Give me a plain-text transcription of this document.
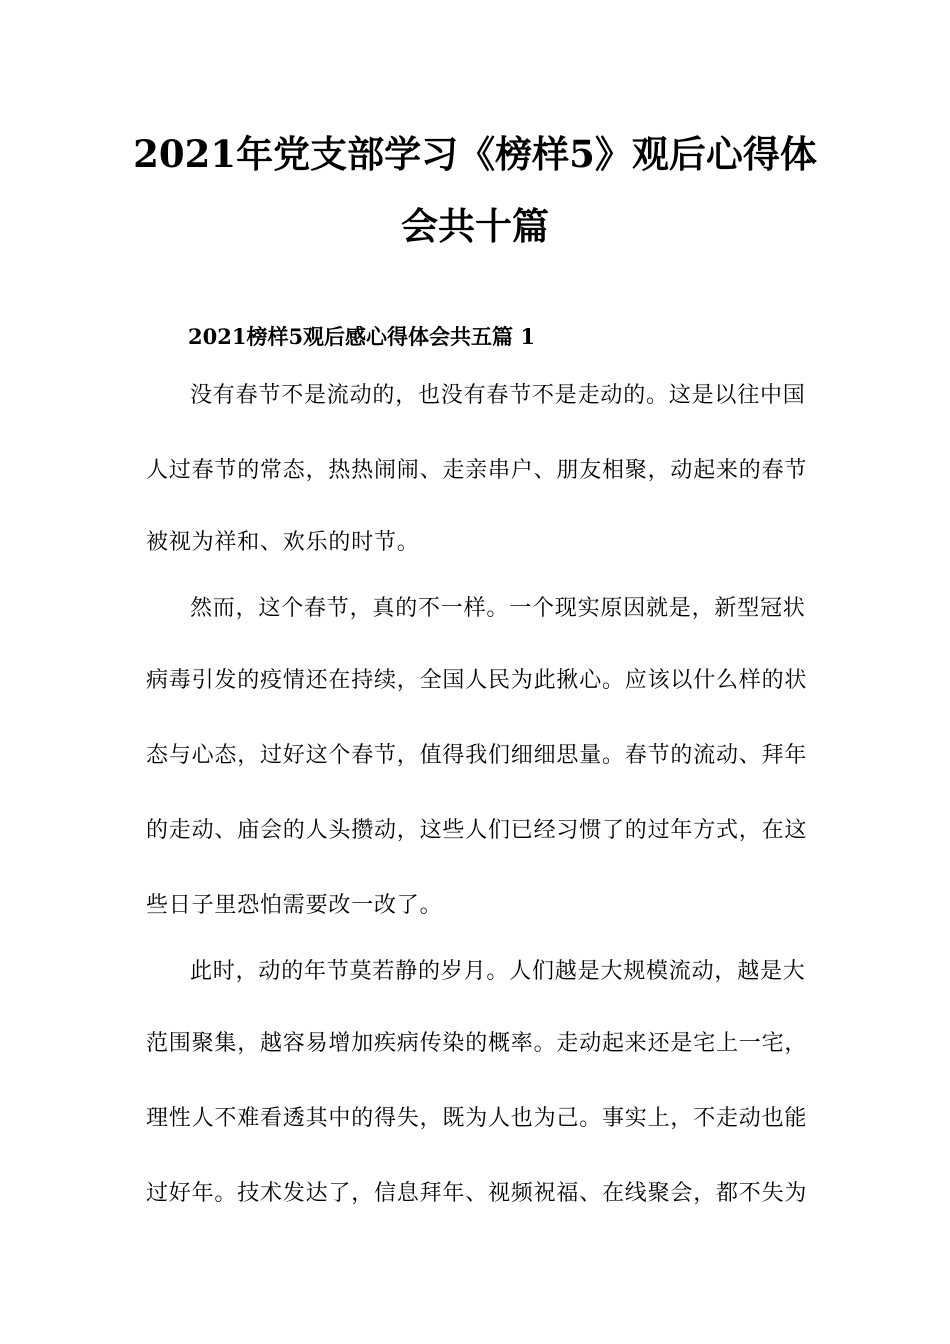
2021年党支部学习《榜样5》观后心得体
会共十篇
2021榜样5观后感心得体会共五篇 1
没有春节不是流动的，也没有春节不是走动的。这是以往中国
人过春节的常态，热热闹闹、走亲串户、朋友相聚，动起来的春节
被视为祥和、欢乐的时节。
然而，这个春节，真的不一样。一个现实原因就是，新型冠状
病毒引发的疫情还在持续，全国人民为此揪心。应该以什么样的状
态与心态，过好这个春节，值得我们细细思量。春节的流动、拜年
的走动、庙会的人头攒动，这些人们已经习惯了的过年方式，在这
些日子里恐怕需要改一改了。
此时，动的年节莫若静的岁月。人们越是大规模流动，越是大
范围聚集，越容易增加疾病传染的概率。走动起来还是宅上一宅，
理性人不难看透其中的得失，既为人也为己。事实上，不走动也能
过好年。技术发达了，信息拜年、视频祝福、在线聚会，都不失为
